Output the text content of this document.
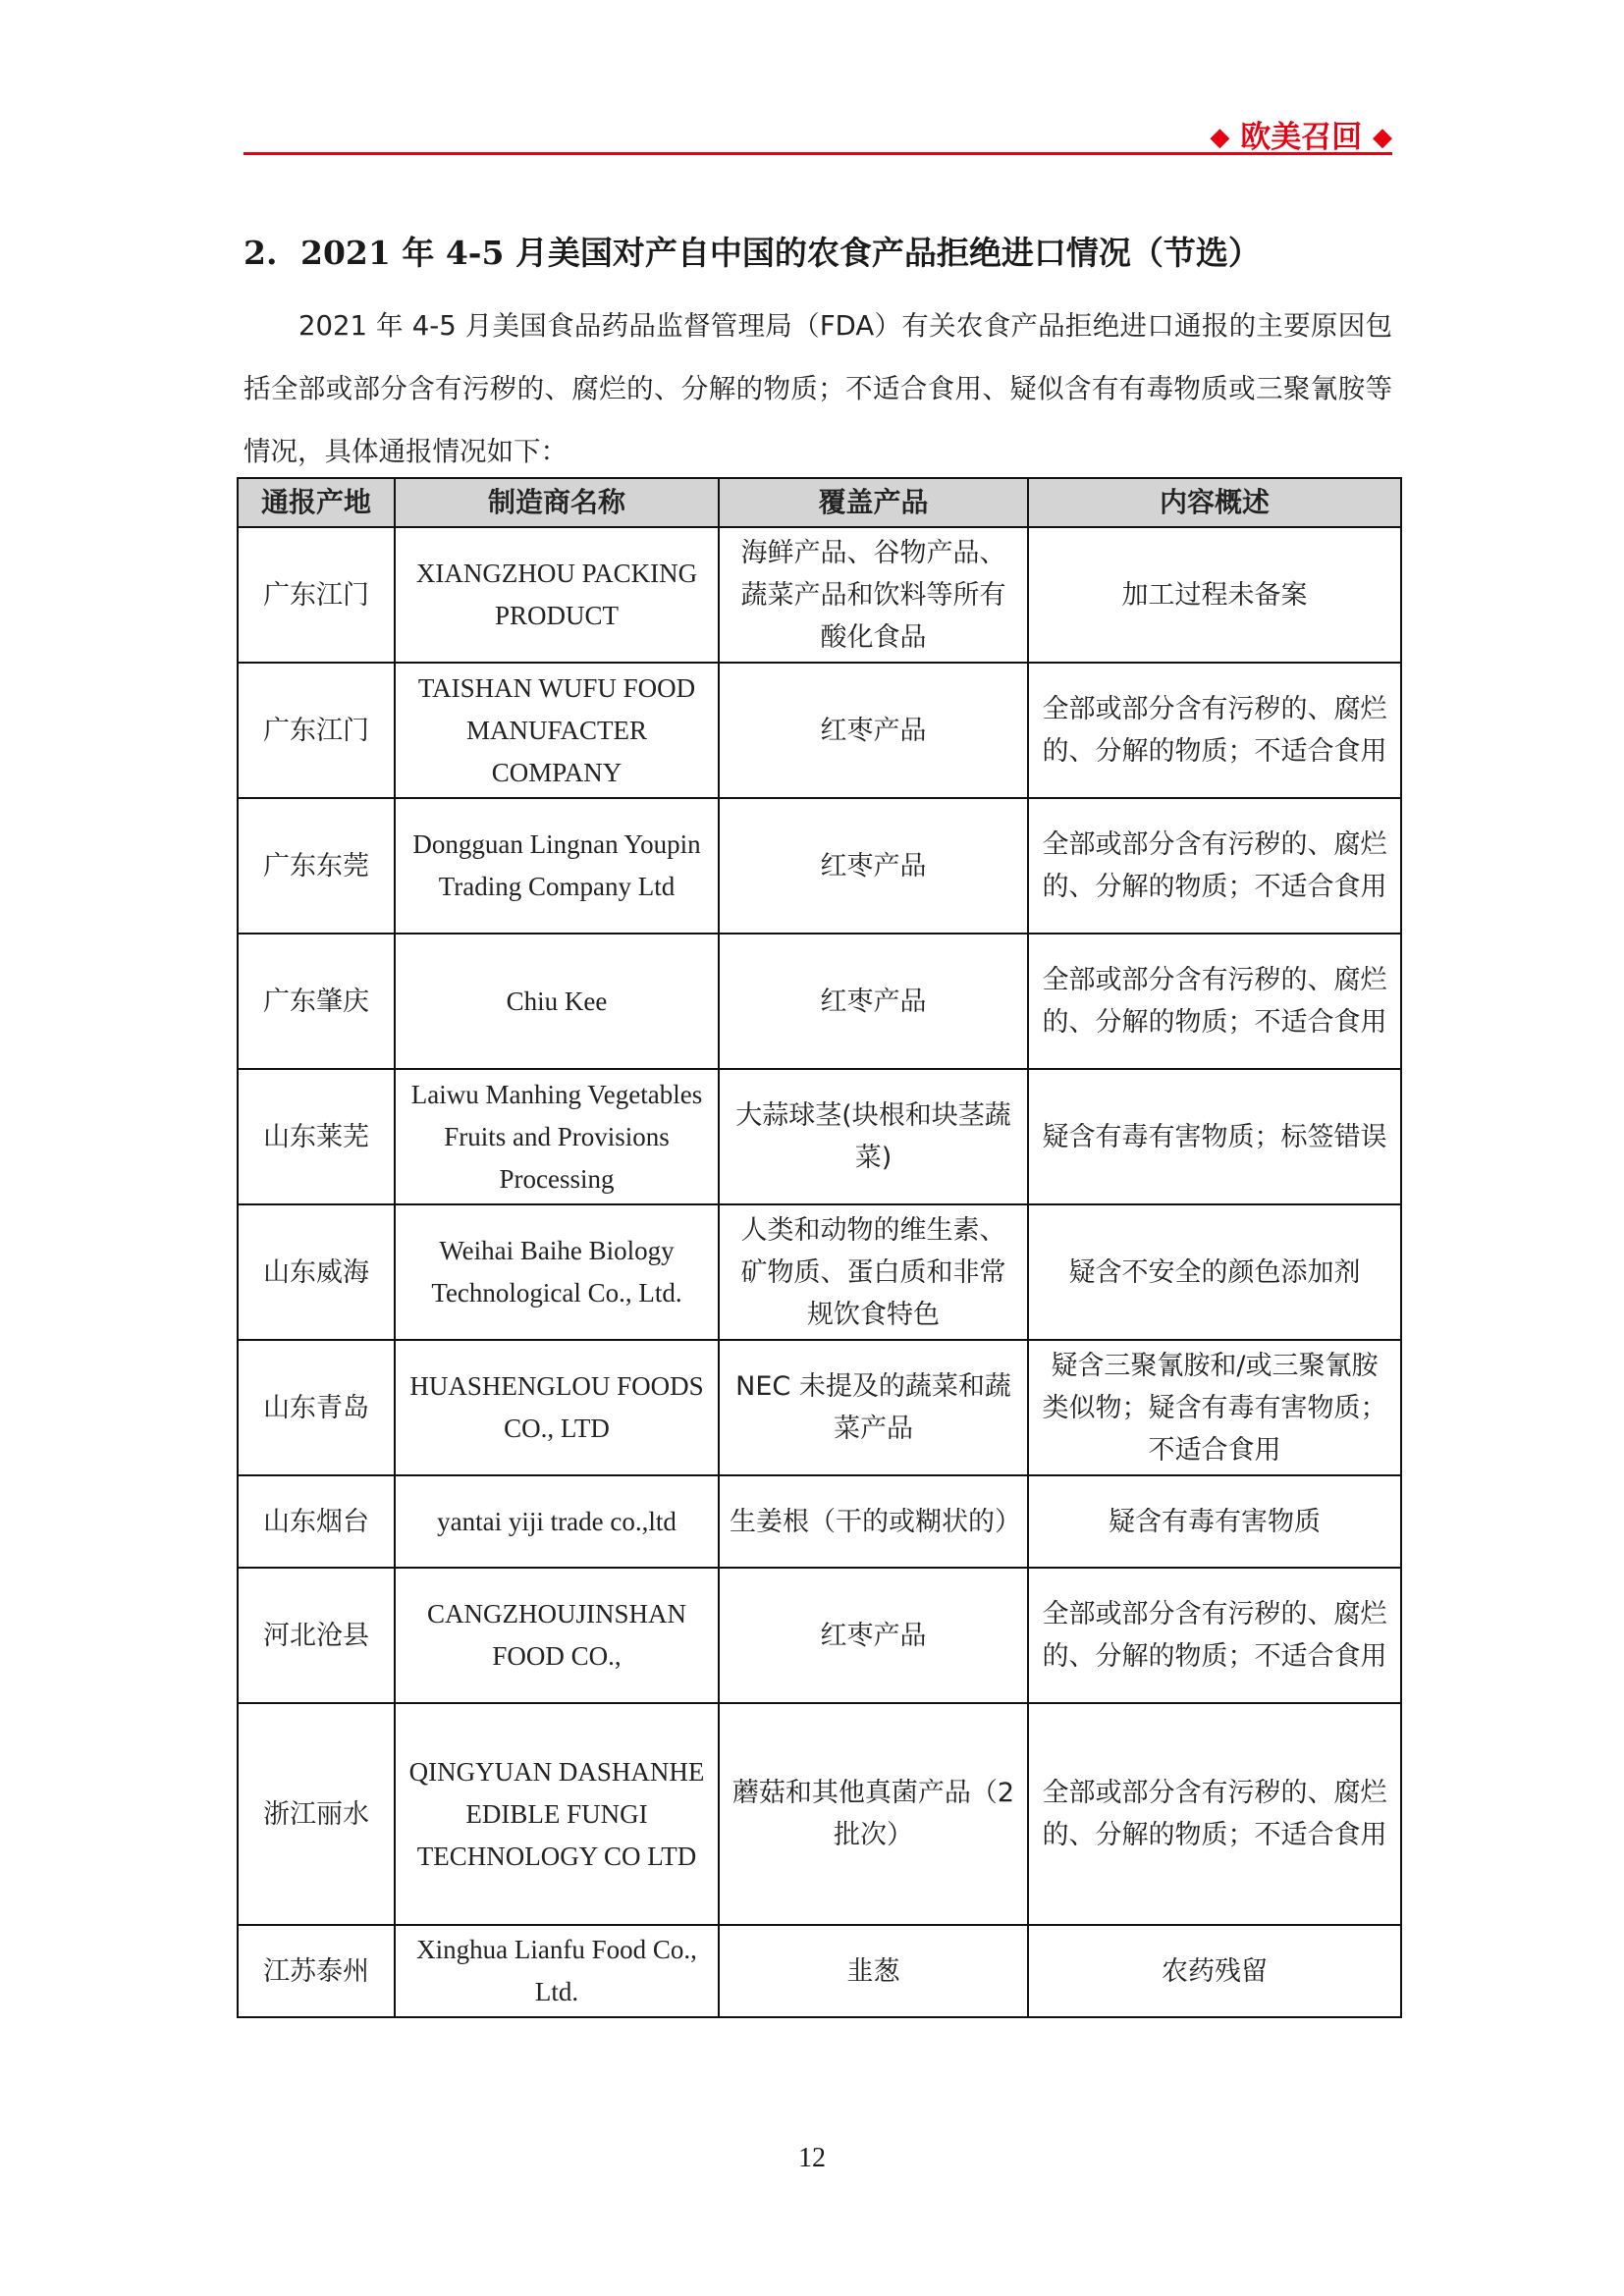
◆ 欧美召回 ◆
2. 2021 年 4-5 月美国对产自中国的农食产品拒绝进口情况（节选）
2021 年 4-5 月美国食品药品监督管理局（FDA）有关农食产品拒绝进口通报的主要原因包括全部或部分含有污秽的、腐烂的、分解的物质；不适合食用、疑似含有有毒物质或三聚氰胺等情况，具体通报情况如下：
通报产地	制造商名称	覆盖产品	内容概述
广东江门	XIANGZHOU PACKING PRODUCT	海鲜产品、谷物产品、蔬菜产品和饮料等所有酸化食品	加工过程未备案
广东江门	TAISHAN WUFU FOOD MANUFACTER COMPANY	红枣产品	全部或部分含有污秽的、腐烂的、分解的物质；不适合食用
广东东莞	Dongguan Lingnan Youpin Trading Company Ltd	红枣产品	全部或部分含有污秽的、腐烂的、分解的物质；不适合食用
广东肇庆	Chiu Kee	红枣产品	全部或部分含有污秽的、腐烂的、分解的物质；不适合食用
山东莱芜	Laiwu Manhing Vegetables Fruits and Provisions Processing	大蒜球茎(块根和块茎蔬菜)	疑含有毒有害物质；标签错误
山东威海	Weihai Baihe Biology Technological Co., Ltd.	人类和动物的维生素、矿物质、蛋白质和非常规饮食特色	疑含不安全的颜色添加剂
山东青岛	HUASHENGLOU FOODS CO., LTD	NEC 未提及的蔬菜和蔬菜产品	疑含三聚氰胺和/或三聚氰胺类似物；疑含有毒有害物质；不适合食用
山东烟台	yantai yiji trade co.,ltd	生姜根（干的或糊状的）	疑含有毒有害物质
河北沧县	CANGZHOUJINSHAN FOOD CO.,	红枣产品	全部或部分含有污秽的、腐烂的、分解的物质；不适合食用
浙江丽水	QINGYUAN DASHANHE EDIBLE FUNGI TECHNOLOGY CO LTD	蘑菇和其他真菌产品（2 批次）	全部或部分含有污秽的、腐烂的、分解的物质；不适合食用
江苏泰州	Xinghua Lianfu Food Co., Ltd.	韭葱	农药残留
12
